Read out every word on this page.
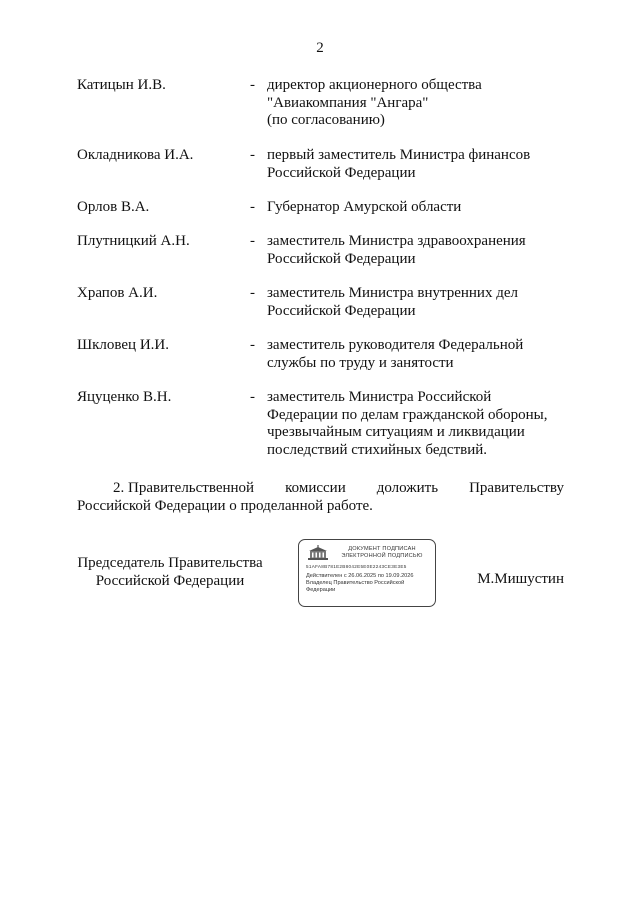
2
Катицын И.В.	- директор акционерного общества
"Авиакомпания "Ангара"
(по согласованию)
Окладникова И.А.	- первый заместитель Министра финансов
Российской Федерации
Орлов В.А.	- Губернатор Амурской области
Плутницкий А.Н.	- заместитель Министра здравоохранения
Российской Федерации
Храпов А.И.	- заместитель Министра внутренних дел
Российской Федерации
Шкловец И.И.	- заместитель руководителя Федеральной
службы по труду и занятости
Яцуценко В.Н.	- заместитель Министра Российской
Федерации по делам гражданской обороны,
чрезвычайным ситуациям и ликвидации
последствий стихийных бедствий.
2. Правительственной комиссии доложить Правительству
Российской Федерации о проделанной работе.
Председатель Правительства
Российской Федерации
ДОКУМЕНТ ПОДПИСАН
ЭЛЕКТРОННОЙ ПОДПИСЬЮ
51AFA8B781E2B8042E5E0E2243CE3E3E5
Действителен с 26.06.2025 по 19.09.2026
Владелец Правительство Российской
Федерации
М.Мишустин
